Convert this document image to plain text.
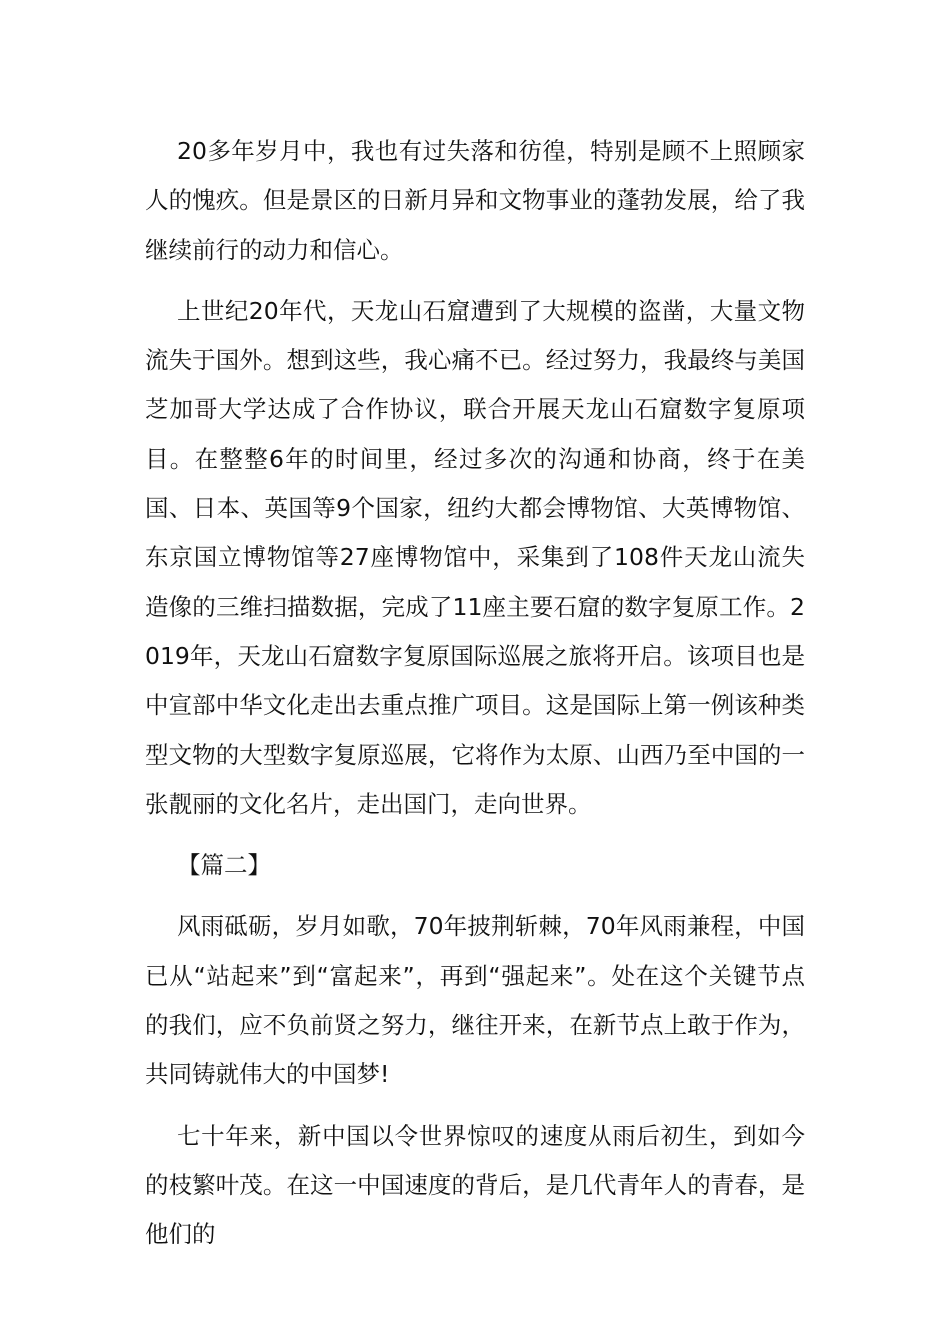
20多年岁月中，我也有过失落和彷徨，特别是顾不上照顾家人的愧疚。但是景区的日新月异和文物事业的蓬勃发展，给了我继续前行的动力和信心。

上世纪20年代，天龙山石窟遭到了大规模的盗凿，大量文物流失于国外。想到这些，我心痛不已。经过努力，我最终与美国芝加哥大学达成了合作协议，联合开展天龙山石窟数字复原项目。在整整6年的时间里，经过多次的沟通和协商，终于在美国、日本、英国等9个国家，纽约大都会博物馆、大英博物馆、东京国立博物馆等27座博物馆中，采集到了108件天龙山流失造像的三维扫描数据，完成了11座主要石窟的数字复原工作。2019年，天龙山石窟数字复原国际巡展之旅将开启。该项目也是中宣部中华文化走出去重点推广项目。这是国际上第一例该种类型文物的大型数字复原巡展，它将作为太原、山西乃至中国的一张靓丽的文化名片，走出国门，走向世界。

【篇二】

风雨砥砺，岁月如歌，70年披荆斩棘，70年风雨兼程，中国已从“站起来”到“富起来”，再到“强起来”。处在这个关键节点的我们，应不负前贤之努力，继往开来，在新节点上敢于作为，共同铸就伟大的中国梦!

七十年来，新中国以令世界惊叹的速度从雨后初生，到如今的枝繁叶茂。在这一中国速度的背后，是几代青年人的青春，是他们的
